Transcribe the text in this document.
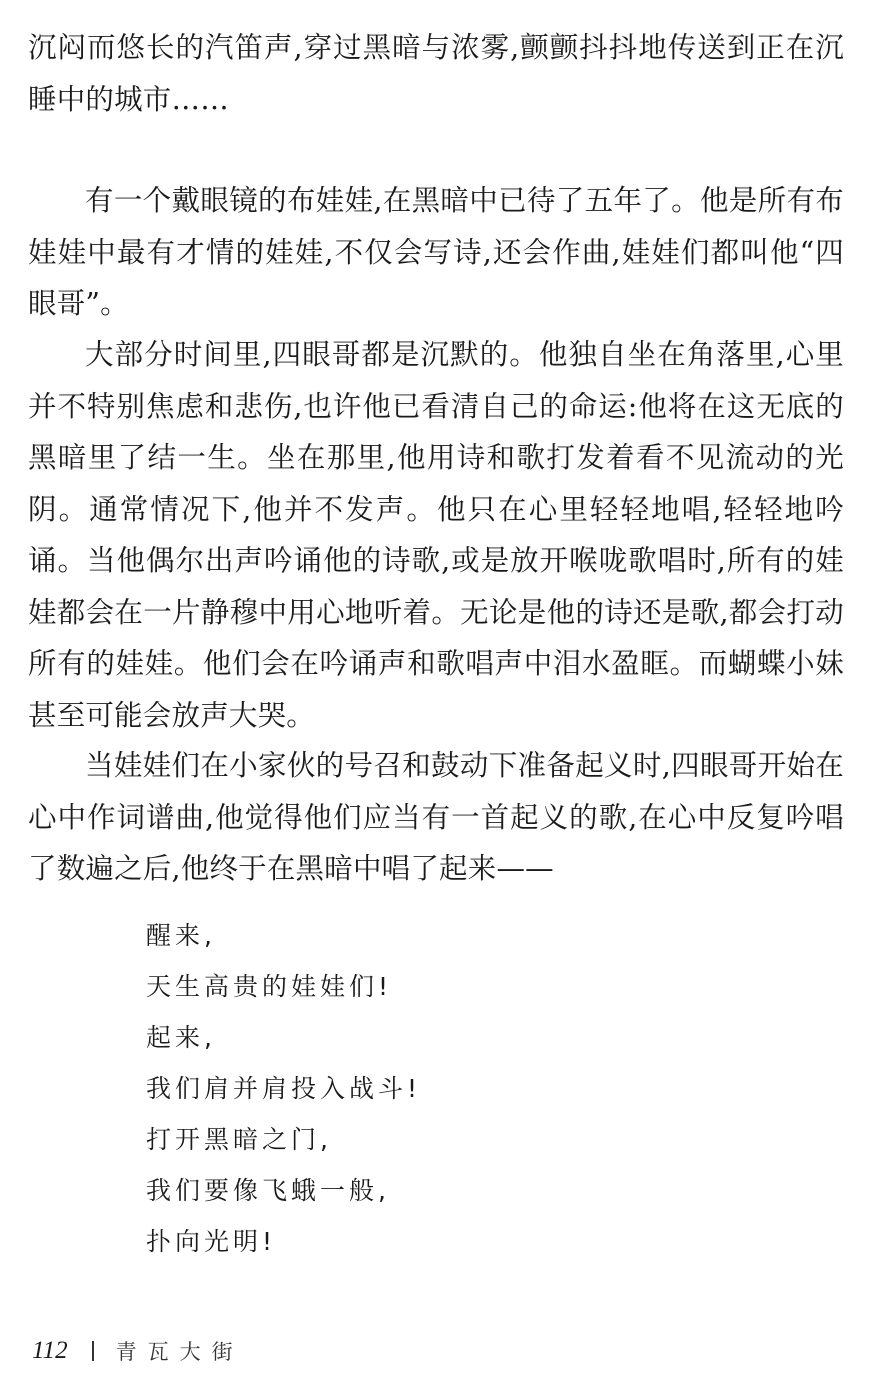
沉闷而悠长的汽笛声,穿过黑暗与浓雾,颤颤抖抖地传送到正在沉睡中的城市……

有一个戴眼镜的布娃娃,在黑暗中已待了五年了。他是所有布娃娃中最有才情的娃娃,不仅会写诗,还会作曲,娃娃们都叫他“四眼哥”。

大部分时间里,四眼哥都是沉默的。他独自坐在角落里,心里并不特别焦虑和悲伤,也许他已看清自己的命运:他将在这无底的黑暗里了结一生。坐在那里,他用诗和歌打发着看不见流动的光阴。通常情况下,他并不发声。他只在心里轻轻地唱,轻轻地吟诵。当他偶尔出声吟诵他的诗歌,或是放开喉咙歌唱时,所有的娃娃都会在一片静穆中用心地听着。无论是他的诗还是歌,都会打动所有的娃娃。他们会在吟诵声和歌唱声中泪水盈眶。而蝴蝶小妹甚至可能会放声大哭。

当娃娃们在小家伙的号召和鼓动下准备起义时,四眼哥开始在心中作词谱曲,他觉得他们应当有一首起义的歌,在心中反复吟唱了数遍之后,他终于在黑暗中唱了起来——

醒来,
天生高贵的娃娃们!
起来,
我们肩并肩投入战斗!
打开黑暗之门,
我们要像飞蛾一般,
扑向光明!
112 青瓦大街
